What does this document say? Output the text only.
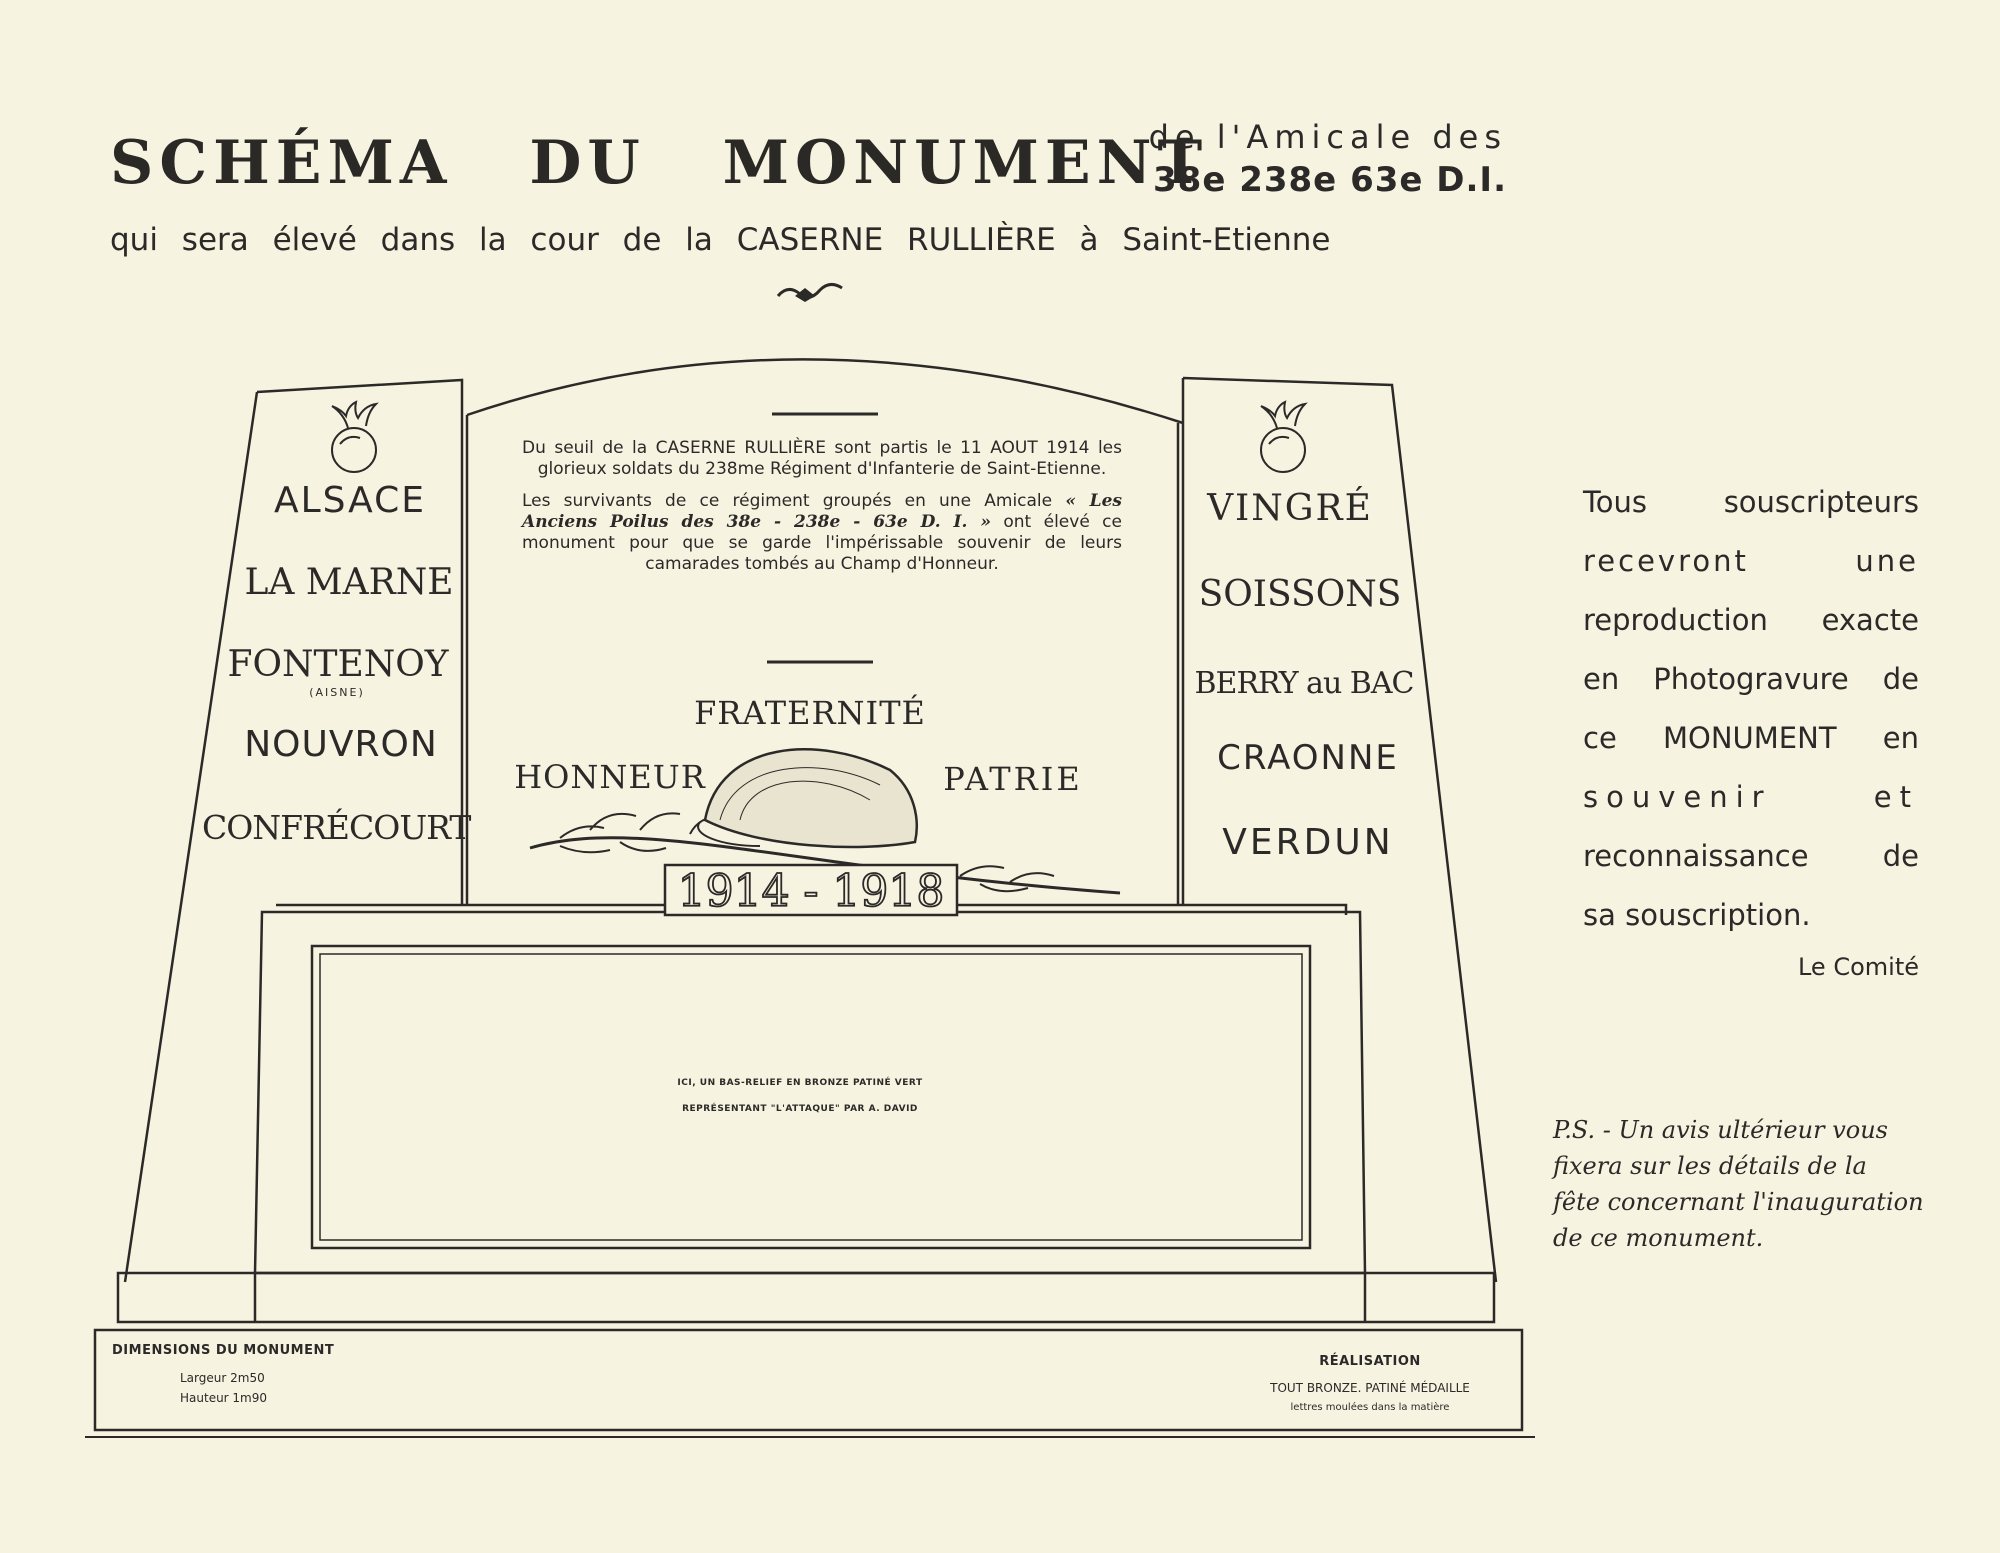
SCHÉMA DU MONUMENT
de l'Amicale des
38e 238e 63e D.I.
qui sera élevé dans la cour de la CASERNE RULLIÈRE à Saint-Etienne
1914 - 1918
ALSACE
LA MARNE
FONTENOY
(AISNE)
NOUVRON
CONFRÉCOURT
VINGRÉ
SOISSONS
BERRY au BAC
CRAONNE
VERDUN

Du seuil de la CASERNE RULLIÈRE sont partis le 11 AOUT 1914 les glorieux soldats du 238me Régiment d'Infanterie de Saint-Etienne.

Les survivants de ce régiment groupés en une Amicale « Les Anciens Poilus des 38e - 238e - 63e D. I. » ont élevé ce monument pour que se garde l'impérissable souvenir de leurs camarades tombés au Champ d'Honneur.

FRATERNITÉ
HONNEUR	PATRIE
ICI, UN BAS-RELIEF EN BRONZE PATINÉ VERT
REPRÉSENTANT "L'ATTAQUE" PAR A. DAVID
DIMENSIONS DU MONUMENT
Largeur 2m50
Hauteur 1m90
RÉALISATION
TOUT BRONZE. PATINÉ MÉDAILLE
lettres moulées dans la matière
Tous souscripteurs
recevront une
reproduction exacte
en Photogravure de
ce MONUMENT en
souvenir et
reconnaissance de
sa souscription.
Le Comité
P.S. - Un avis ultérieur vous
fixera sur les détails de la
fête concernant l'inauguration
de ce monument.
